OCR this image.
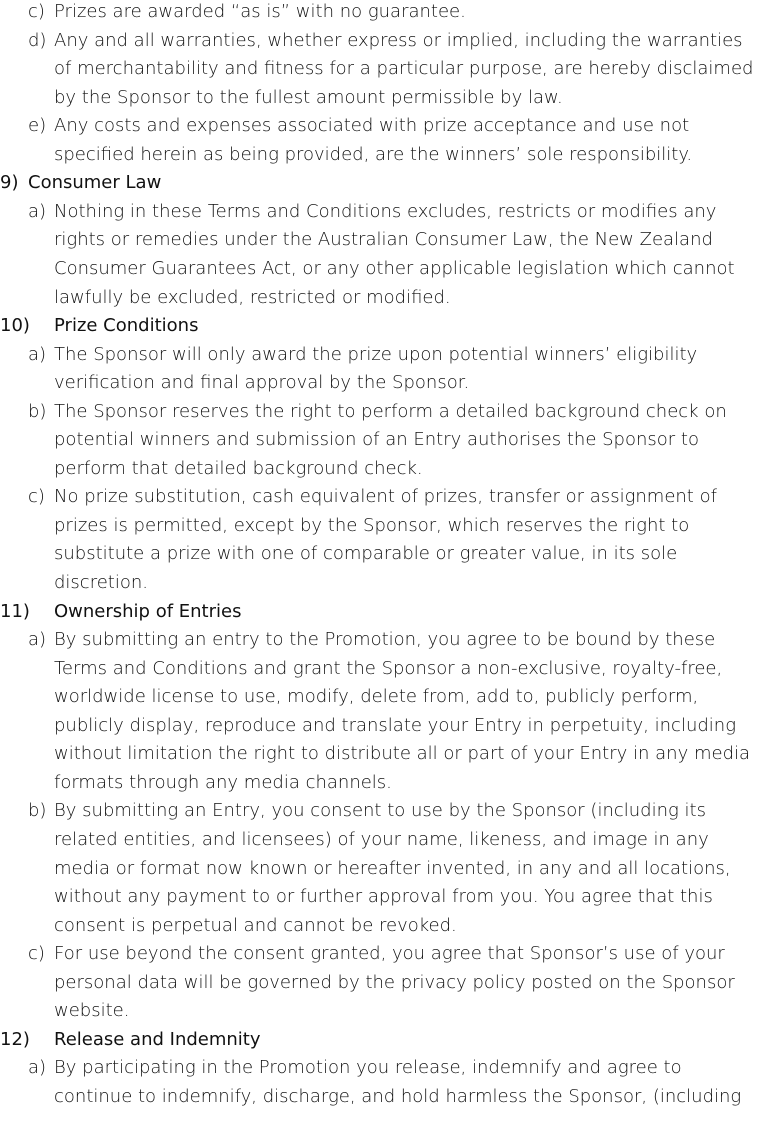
c) Prizes are awarded “as is” with no guarantee.
d) Any and all warranties, whether express or implied, including the warranties
of merchantability and fitness for a particular purpose, are hereby disclaimed
by the Sponsor to the fullest amount permissible by law.
e) Any costs and expenses associated with prize acceptance and use not
specified herein as being provided, are the winners’ sole responsibility.
9) Consumer Law
a) Nothing in these Terms and Conditions excludes, restricts or modifies any
rights or remedies under the Australian Consumer Law, the New Zealand
Consumer Guarantees Act, or any other applicable legislation which cannot
lawfully be excluded, restricted or modified.
10) Prize Conditions
a) The Sponsor will only award the prize upon potential winners’ eligibility
verification and final approval by the Sponsor.
b) The Sponsor reserves the right to perform a detailed background check on
potential winners and submission of an Entry authorises the Sponsor to
perform that detailed background check.
c) No prize substitution, cash equivalent of prizes, transfer or assignment of
prizes is permitted, except by the Sponsor, which reserves the right to
substitute a prize with one of comparable or greater value, in its sole
discretion.
11) Ownership of Entries
a) By submitting an entry to the Promotion, you agree to be bound by these
Terms and Conditions and grant the Sponsor a non-exclusive, royalty-free,
worldwide license to use, modify, delete from, add to, publicly perform,
publicly display, reproduce and translate your Entry in perpetuity, including
without limitation the right to distribute all or part of your Entry in any media
formats through any media channels.
b) By submitting an Entry, you consent to use by the Sponsor (including its
related entities, and licensees) of your name, likeness, and image in any
media or format now known or hereafter invented, in any and all locations,
without any payment to or further approval from you. You agree that this
consent is perpetual and cannot be revoked.
c) For use beyond the consent granted, you agree that Sponsor’s use of your
personal data will be governed by the privacy policy posted on the Sponsor
website.
12) Release and Indemnity
a) By participating in the Promotion you release, indemnify and agree to
continue to indemnify, discharge, and hold harmless the Sponsor, (including
